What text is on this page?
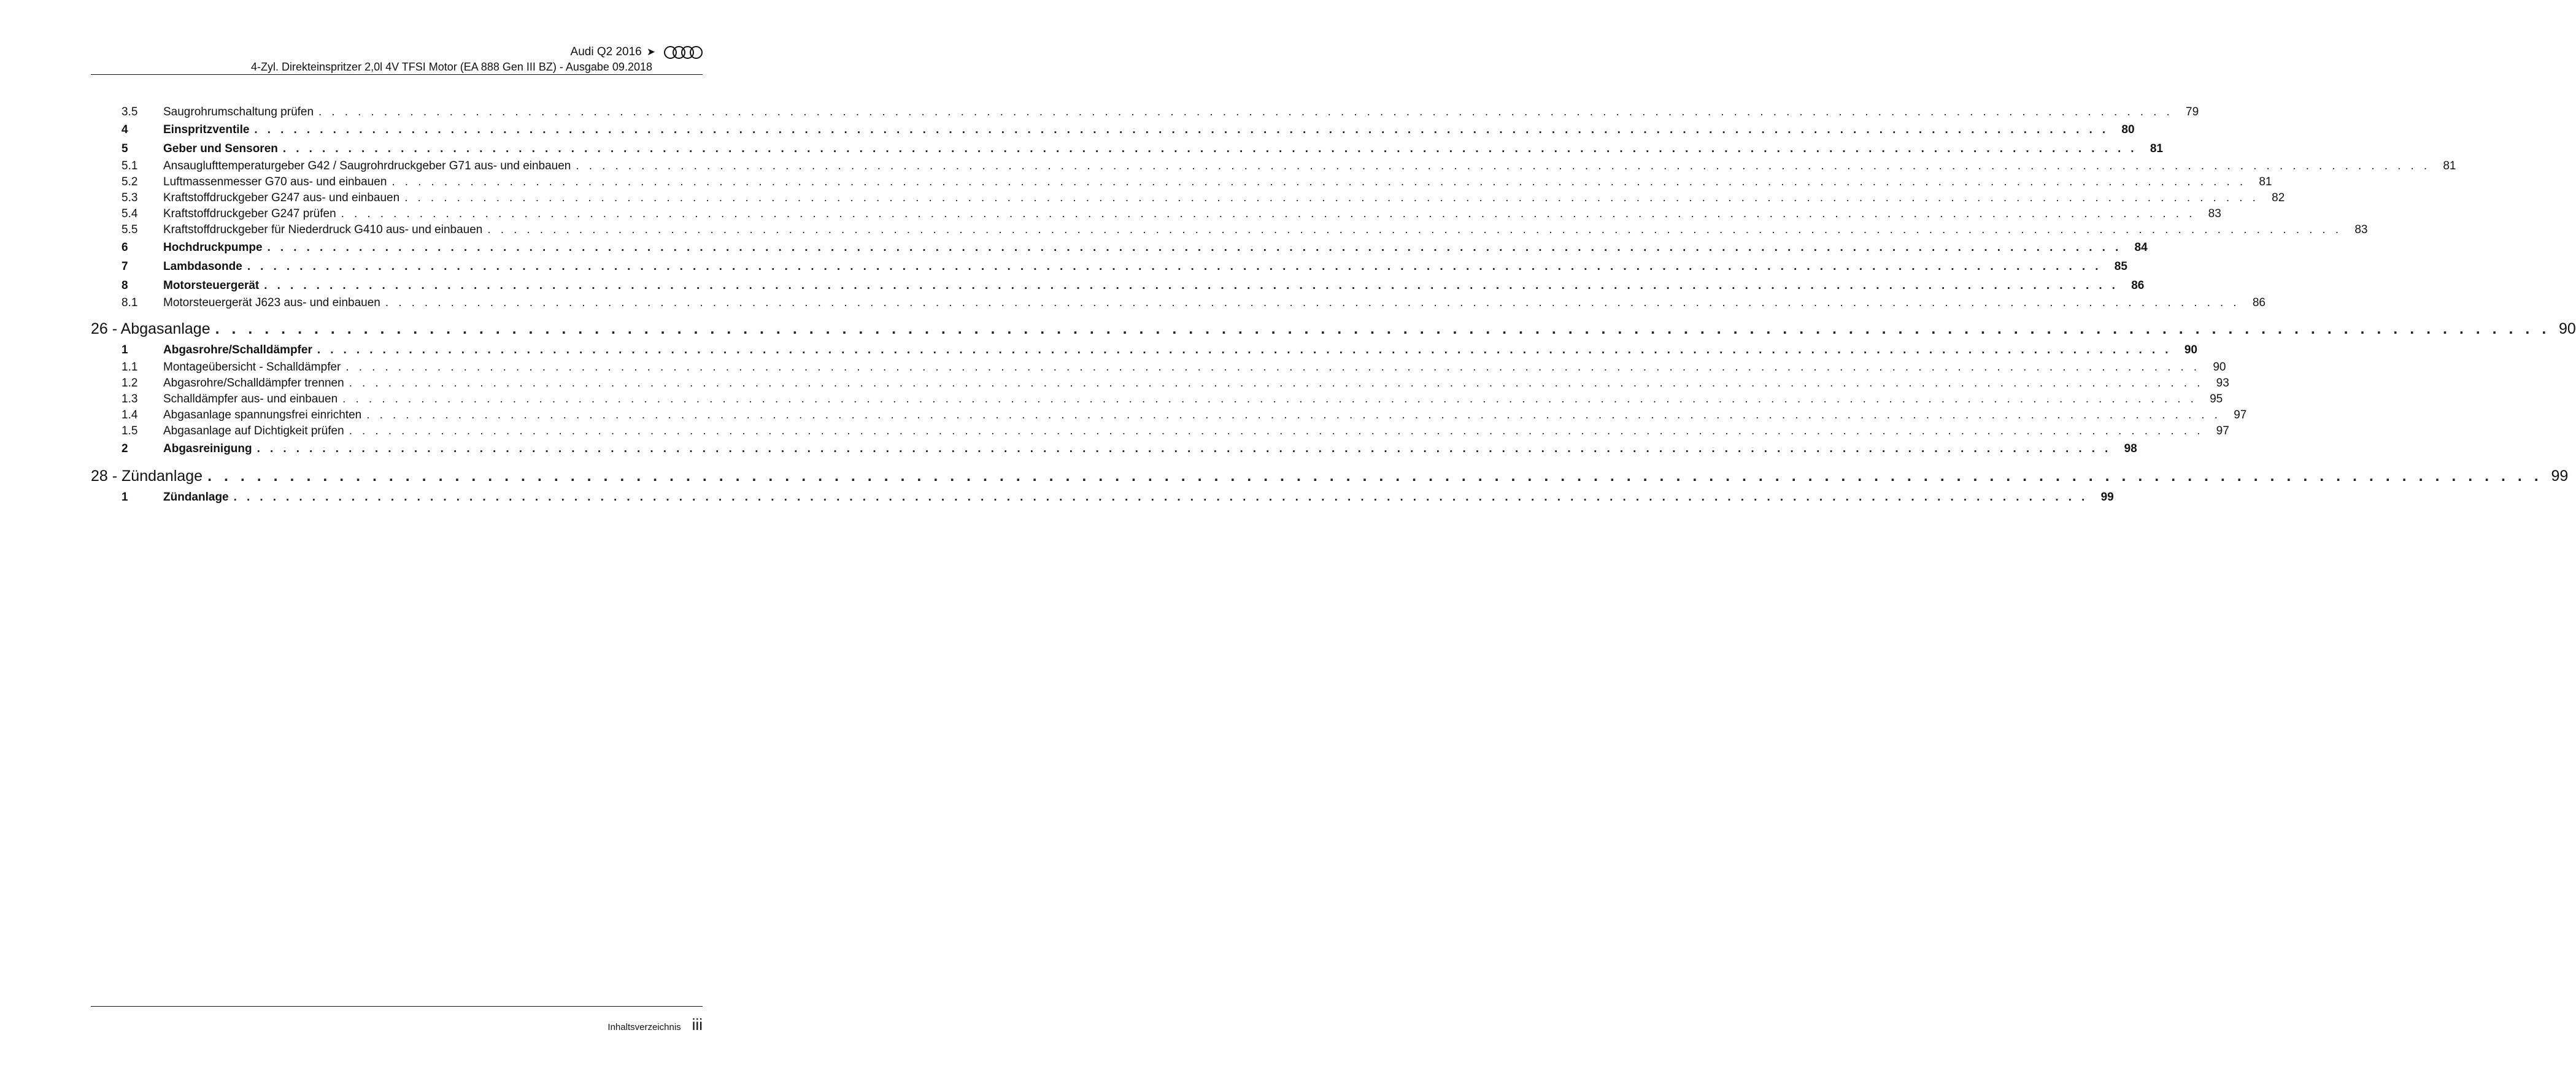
Audi Q2 2016 ➤
4-Zyl. Direkteinspritzer 2,0l 4V TFSI Motor (EA 888 Gen III BZ) - Ausgabe 09.2018
3.5	Saugrohrumschaltung prüfen . . . . . . . . . . . . . . . . . . . . . . . . . . . . . . . . . . . . . . . . . . . . . . . . . . . . . . . . . . . . . . . . . . . . . . . . . . . . . . . . . . . . . . . . . . . . . . . . . . . . . . . . . . . . . . . . . . . . . . . . . . . . . . . . . . . . . . . . . . . . . .	79
4	Einspritzventile . . . . . . . . . . . . . . . . . . . . . . . . . . . . . . . . . . . . . . . . . . . . . . . . . . . . . . . . . . . . . . . . . . . . . . . . . . . . . . . . . . . . . . . . . . . . . . . . . . . . . . . . . . . . . . . . . . . . . . . . . . . . . . . . . . . . . . . . . . . . . .	80
5	Geber und Sensoren . . . . . . . . . . . . . . . . . . . . . . . . . . . . . . . . . . . . . . . . . . . . . . . . . . . . . . . . . . . . . . . . . . . . . . . . . . . . . . . . . . . . . . . . . . . . . . . . . . . . . . . . . . . . . . . . . . . . . . . . . . . . . . . . . . . . . . . . . . . . . .	81
5.1	Ansauglufttemperaturgeber G42 / Saugrohrdruckgeber G71 aus- und einbauen . . . . . . . . . . . . . . . . . . . . . . . . . . . . . . . . . . . . . . . . . . . . . . . . . . . . . . . . . . . . . . . . . . . . . . . . . . . . . . . . . . . . . . . . . . . . . . . . . . . . . . . . . . . . . . . . . . . . . . . . . . . . . . . . . . . . . . . . . . . . . .	81
5.2	Luftmassenmesser G70 aus- und einbauen . . . . . . . . . . . . . . . . . . . . . . . . . . . . . . . . . . . . . . . . . . . . . . . . . . . . . . . . . . . . . . . . . . . . . . . . . . . . . . . . . . . . . . . . . . . . . . . . . . . . . . . . . . . . . . . . . . . . . . . . . . . . . . . . . . . . . . . . . . . . . .	81
5.3	Kraftstoffdruckgeber G247 aus- und einbauen . . . . . . . . . . . . . . . . . . . . . . . . . . . . . . . . . . . . . . . . . . . . . . . . . . . . . . . . . . . . . . . . . . . . . . . . . . . . . . . . . . . . . . . . . . . . . . . . . . . . . . . . . . . . . . . . . . . . . . . . . . . . . . . . . . . . . . . . . . . . . .	82
5.4	Kraftstoffdruckgeber G247 prüfen . . . . . . . . . . . . . . . . . . . . . . . . . . . . . . . . . . . . . . . . . . . . . . . . . . . . . . . . . . . . . . . . . . . . . . . . . . . . . . . . . . . . . . . . . . . . . . . . . . . . . . . . . . . . . . . . . . . . . . . . . . . . . . . . . . . . . . . . . . . . . .	83
5.5	Kraftstoffdruckgeber für Niederdruck G410 aus- und einbauen . . . . . . . . . . . . . . . . . . . . . . . . . . . . . . . . . . . . . . . . . . . . . . . . . . . . . . . . . . . . . . . . . . . . . . . . . . . . . . . . . . . . . . . . . . . . . . . . . . . . . . . . . . . . . . . . . . . . . . . . . . . . . . . . . . . . . . . . . . . . . .	83
6	Hochdruckpumpe . . . . . . . . . . . . . . . . . . . . . . . . . . . . . . . . . . . . . . . . . . . . . . . . . . . . . . . . . . . . . . . . . . . . . . . . . . . . . . . . . . . . . . . . . . . . . . . . . . . . . . . . . . . . . . . . . . . . . . . . . . . . . . . . . . . . . . . . . . . . . .	84
7	Lambdasonde . . . . . . . . . . . . . . . . . . . . . . . . . . . . . . . . . . . . . . . . . . . . . . . . . . . . . . . . . . . . . . . . . . . . . . . . . . . . . . . . . . . . . . . . . . . . . . . . . . . . . . . . . . . . . . . . . . . . . . . . . . . . . . . . . . . . . . . . . . . . . .	85
8	Motorsteuergerät . . . . . . . . . . . . . . . . . . . . . . . . . . . . . . . . . . . . . . . . . . . . . . . . . . . . . . . . . . . . . . . . . . . . . . . . . . . . . . . . . . . . . . . . . . . . . . . . . . . . . . . . . . . . . . . . . . . . . . . . . . . . . . . . . . . . . . . . . . . . . .	86
8.1	Motorsteuergerät J623 aus- und einbauen . . . . . . . . . . . . . . . . . . . . . . . . . . . . . . . . . . . . . . . . . . . . . . . . . . . . . . . . . . . . . . . . . . . . . . . . . . . . . . . . . . . . . . . . . . . . . . . . . . . . . . . . . . . . . . . . . . . . . . . . . . . . . . . . . . . . . . . . . . . . . .	86
26 - Abgasanlage . . . . . . . . . . . . . . . . . . . . . . . . . . . . . . . . . . . . . . . . . . . . . . . . . . . . . . . . . . . . . . . . . . . . . . . . . . . . . . . . . . . . . . . . . . . . . . . . . . . . . . . . . . . . . . . . . . . . . . . . . . . . . . . . . . . . . . . . . . . . . . 90
1	Abgasrohre/Schalldämpfer . . . . . . . . . . . . . . . . . . . . . . . . . . . . . . . . . . . . . . . . . . . . . . . . . . . . . . . . . . . . . . . . . . . . . . . . . . . . . . . . . . . . . . . . . . . . . . . . . . . . . . . . . . . . . . . . . . . . . . . . . . . . . . . . . . . . . . . . . . . . . .	90
1.1	Montageübersicht - Schalldämpfer . . . . . . . . . . . . . . . . . . . . . . . . . . . . . . . . . . . . . . . . . . . . . . . . . . . . . . . . . . . . . . . . . . . . . . . . . . . . . . . . . . . . . . . . . . . . . . . . . . . . . . . . . . . . . . . . . . . . . . . . . . . . . . . . . . . . . . . . . . . . . .	90
1.2	Abgasrohre/Schalldämpfer trennen . . . . . . . . . . . . . . . . . . . . . . . . . . . . . . . . . . . . . . . . . . . . . . . . . . . . . . . . . . . . . . . . . . . . . . . . . . . . . . . . . . . . . . . . . . . . . . . . . . . . . . . . . . . . . . . . . . . . . . . . . . . . . . . . . . . . . . . . . . . . . .	93
1.3	Schalldämpfer aus- und einbauen . . . . . . . . . . . . . . . . . . . . . . . . . . . . . . . . . . . . . . . . . . . . . . . . . . . . . . . . . . . . . . . . . . . . . . . . . . . . . . . . . . . . . . . . . . . . . . . . . . . . . . . . . . . . . . . . . . . . . . . . . . . . . . . . . . . . . . . . . . . . . .	95
1.4	Abgasanlage spannungsfrei einrichten . . . . . . . . . . . . . . . . . . . . . . . . . . . . . . . . . . . . . . . . . . . . . . . . . . . . . . . . . . . . . . . . . . . . . . . . . . . . . . . . . . . . . . . . . . . . . . . . . . . . . . . . . . . . . . . . . . . . . . . . . . . . . . . . . . . . . . . . . . . . . .	97
1.5	Abgasanlage auf Dichtigkeit prüfen . . . . . . . . . . . . . . . . . . . . . . . . . . . . . . . . . . . . . . . . . . . . . . . . . . . . . . . . . . . . . . . . . . . . . . . . . . . . . . . . . . . . . . . . . . . . . . . . . . . . . . . . . . . . . . . . . . . . . . . . . . . . . . . . . . . . . . . . . . . . . .	97
2	Abgasreinigung . . . . . . . . . . . . . . . . . . . . . . . . . . . . . . . . . . . . . . . . . . . . . . . . . . . . . . . . . . . . . . . . . . . . . . . . . . . . . . . . . . . . . . . . . . . . . . . . . . . . . . . . . . . . . . . . . . . . . . . . . . . . . . . . . . . . . . . . . . . . . .	98
28 - Zündanlage . . . . . . . . . . . . . . . . . . . . . . . . . . . . . . . . . . . . . . . . . . . . . . . . . . . . . . . . . . . . . . . . . . . . . . . . . . . . . . . . . . . . . . . . . . . . . . . . . . . . . . . . . . . . . . . . . . . . . . . . . . . . . . . . . . . . . . . . . . . . . . 99
1	Zündanlage . . . . . . . . . . . . . . . . . . . . . . . . . . . . . . . . . . . . . . . . . . . . . . . . . . . . . . . . . . . . . . . . . . . . . . . . . . . . . . . . . . . . . . . . . . . . . . . . . . . . . . . . . . . . . . . . . . . . . . . . . . . . . . . . . . . . . . . . . . . . . .	99
Inhaltsverzeichnis iii
